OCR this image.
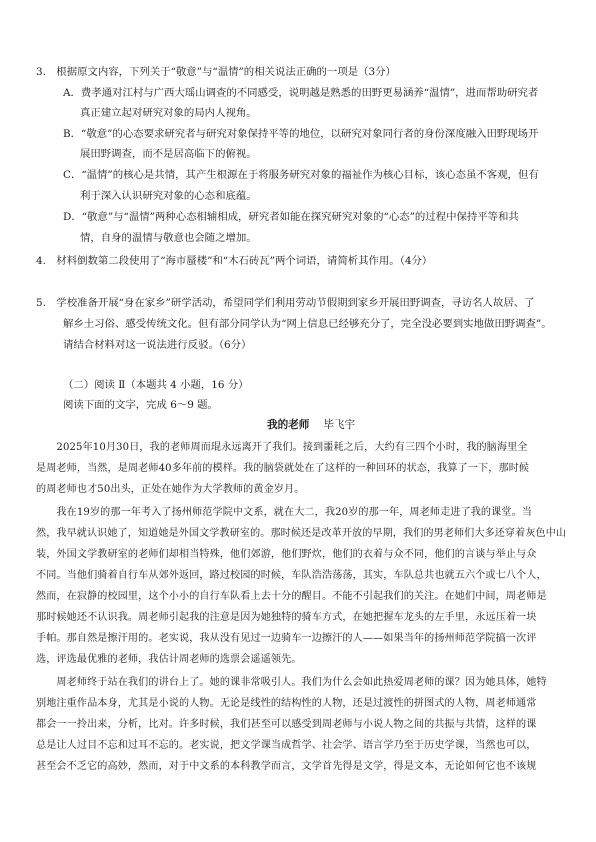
3.　根据原文内容，下列关于“敬意”与“温情”的相关说法正确的一项是（3分）
A．费孝通对江村与广西大瑶山调查的不同感受，说明越是熟悉的田野更易涵养“温情”，进而帮助研究者
真正建立起对研究对象的局内人视角。
B．“敬意”的心态要求研究者与研究对象保持平等的地位，以研究对象同行者的身份深度融入田野现场开
展田野调查，而不是居高临下的俯视。
C．“温情”的核心是共情，其产生根源在于将服务研究对象的福祉作为核心目标，该心态虽不客观，但有
利于深入认识研究对象的心态和底蕴。
D．“敬意”与“温情”两种心态相辅相成，研究者如能在探究研究对象的“心态”的过程中保持平等和共
情，自身的温情与敬意也会随之增加。
4.　材料倒数第二段使用了“海市蜃楼”和“木石砖瓦”两个词语，请简析其作用。（4分）
5.　学校准备开展“身在家乡”研学活动，希望同学们利用劳动节假期到家乡开展田野调查，寻访名人故居、了
解乡土习俗、感受传统文化。但有部分同学认为“网上信息已经够充分了，完全没必要到实地做田野调查”。
请结合材料对这一说法进行反驳。（6分）
（二）阅读 Ⅱ（本题共 4 小题，16 分）
阅读下面的文字，完成 6～9 题。
我的老师 毕飞宇
　　2025年10月30日，我的老师周而琨永远离开了我们。接到噩耗之后，大约有三四个小时，我的脑海里全
是周老师，当然，是周老师40多年前的模样。我的脑袋就处在了这样的一种回环的状态，我算了一下，那时候
的周老师也才50出头，正处在她作为大学教师的黄金岁月。
　　我在19岁的那一年考入了扬州师范学院中文系，就在大二，我20岁的那一年，周老师走进了我的课堂。当
然，我早就认识她了，知道她是外国文学教研室的。那时候还是改革开放的早期，我们的男老师们大多还穿着灰色中山
装，外国文学教研室的老师们却相当特殊，他们郊游，他们野炊，他们的衣着与众不同，他们的言谈与举止与众
不同。当他们骑着自行车从郊外返回，路过校园的时候，车队浩浩荡荡，其实，车队总共也就五六个或七八个人，
然而，在寂静的校园里，这个小小的自行车队看上去十分的醒目。不能不引起我们的关注。在她们中间，周老师是
那时候她还不认识我。周老师引起我的注意是因为她独特的骑车方式，在她把握车龙头的左手里，永远压着一块
手帕。那自然是擦汗用的。老实说，我从没有见过一边骑车一边擦汗的人——如果当年的扬州师范学院搞一次评
选，评选最优雅的老师，我估计周老师的选票会遥遥领先。
　　周老师终于站在我们的讲台上了。她的课非常吸引人。我们为什么会如此热爱周老师的课？因为她具体，她特
别地注重作品本身，尤其是小说的人物。无论是线性的结构性的人物，还是过渡性的拼图式的人物，周老师通常
都会一一拎出来，分析，比对。许多时候，我们甚至可以感受到周老师与小说人物之间的共振与共情，这样的课
总是让人过目不忘和过耳不忘的。老实说，把文学课当成哲学、社会学、语言学乃至于历史学课，当然也可以，
甚至会不乏它的高妙，然而，对于中文系的本科教学而言，文学首先得是文学，得是文本，无论如何它也不该规
